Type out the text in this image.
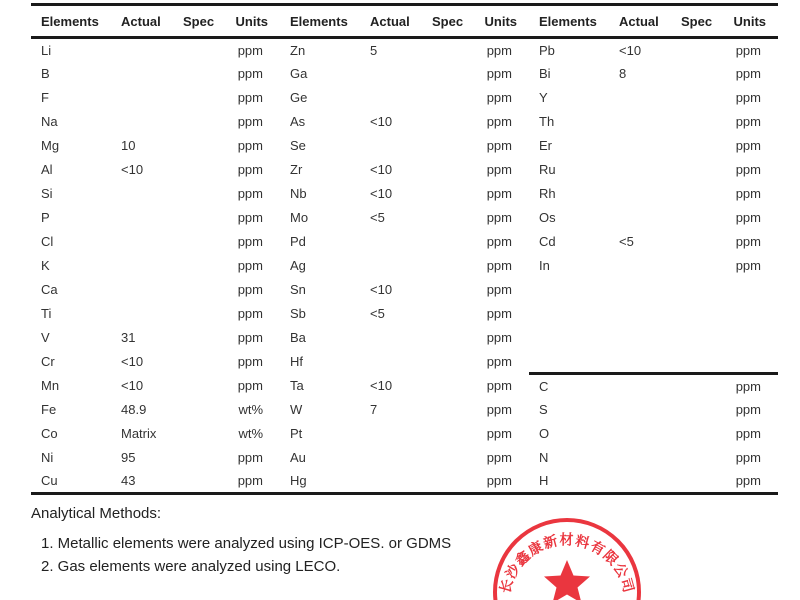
Elements	Actual	Spec	Units	Elements	Actual	Spec	Units	Elements	Actual	Spec	Units
Li			ppm	Zn	5		ppm	Pb	<10		ppm
B			ppm	Ga			ppm	Bi	8		ppm
F			ppm	Ge			ppm	Y			ppm
Na			ppm	As	<10		ppm	Th			ppm
Mg	10		ppm	Se			ppm	Er			ppm
Al	<10		ppm	Zr	<10		ppm	Ru			ppm
Si			ppm	Nb	<10		ppm	Rh			ppm
P			ppm	Mo	<5		ppm	Os			ppm
Cl			ppm	Pd			ppm	Cd	<5		ppm
K			ppm	Ag			ppm	In			ppm
Ca			ppm	Sn	<10		ppm				
Ti			ppm	Sb	<5		ppm				
V	31		ppm	Ba			ppm				
Cr	<10		ppm	Hf			ppm				
Mn	<10		ppm	Ta	<10		ppm	C			ppm
Fe	48.9		wt%	W	7		ppm	S			ppm
Co	Matrix		wt%	Pt			ppm	O			ppm
Ni	95		ppm	Au			ppm	N			ppm
Cu	43		ppm	Hg			ppm	H			ppm
Analytical Methods:
1. Metallic elements were analyzed using ICP-OES. or GDMS
2. Gas elements were analyzed using LECO.
长沙鑫康新材料有限公司
